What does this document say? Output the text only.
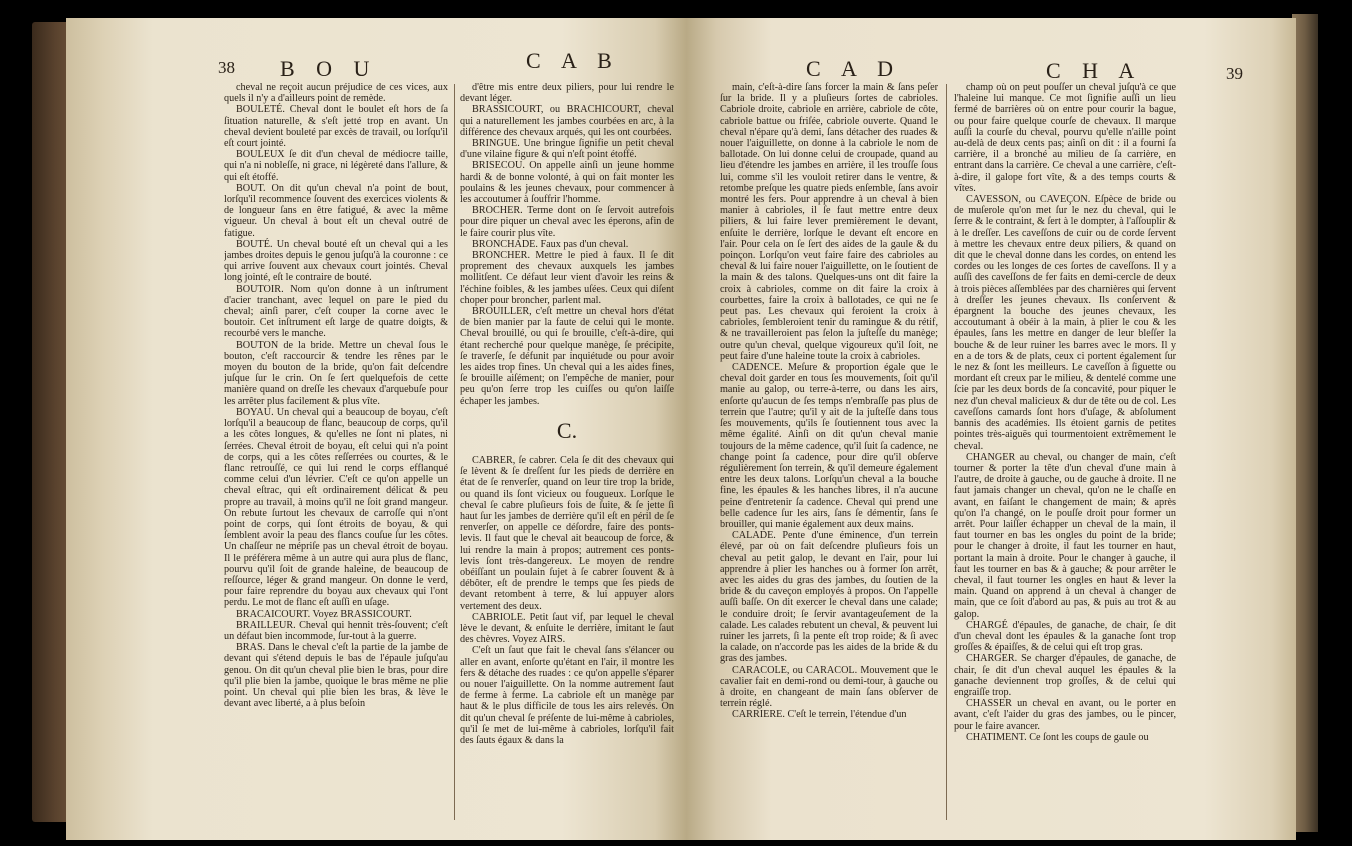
38 B O U	C A B

cheval ne reçoit aucun préjudice de ces vices, aux quels il n'y a d'ailleurs point de remède.

BOULETÉ. Cheval dont le boulet eſt hors de ſa ſituation naturelle, & s'eſt jetté trop en avant. Un cheval devient bouleté par excès de travail, ou lorſqu'il eſt court jointé.

BOULEUX ſe dit d'un cheval de médiocre taille, qui n'a ni nobleſſe, ni grace, ni légèreté dans l'allure, & qui eſt étoffé.

BOUT. On dit qu'un cheval n'a point de bout, lorſqu'il recommence ſouvent des exercices violents & de longueur ſans en être fatigué, & avec la même vigueur. Un cheval à bout eſt un cheval outré de fatigue.

BOUTÉ. Un cheval bouté eſt un cheval qui a les jambes droites depuis le genou juſqu'à la couronne : ce qui arrive ſouvent aux chevaux court jointés. Cheval long jointé, eſt le contraire de bouté.

BOUTOIR. Nom qu'on donne à un inſtrument d'acier tranchant, avec lequel on pare le pied du cheval; ainſi parer, c'eſt couper la corne avec le boutoir. Cet inſtrument eſt large de quatre doigts, & recourbé vers le manche.

BOUTON de la bride. Mettre un cheval ſous le bouton, c'eſt raccourcir & tendre les rênes par le moyen du bouton de la bride, qu'on fait deſcendre juſque ſur le crin. On ſe ſert quelquefois de cette manière quand on dreſſe les chevaux d'arquebuſe pour les arrêter plus facilement & plus vîte.

BOYAU. Un cheval qui a beaucoup de boyau, c'eſt lorſqu'il a beaucoup de flanc, beaucoup de corps, qu'il a les côtes longues, & qu'elles ne ſont ni plates, ni ſerrées. Cheval étroit de boyau, eſt celui qui n'a point de corps, qui a les côtes reſſerrées ou courtes, & le flanc retrouſſé, ce qui lui rend le corps efflanqué comme celui d'un lévrier. C'eſt ce qu'on appelle un cheval eſtrac, qui eſt ordinairement délicat & peu propre au travail, à moins qu'il ne ſoit grand mangeur. On rebute ſurtout les chevaux de carroſſe qui n'ont point de corps, qui ſont étroits de boyau, & qui ſemblent avoir la peau des flancs couſue ſur les côtes. Un chaſſeur ne mépriſe pas un cheval étroit de boyau. Il le préférera même à un autre qui aura plus de flanc, pourvu qu'il ſoit de grande haleine, de beaucoup de reſſource, léger & grand mangeur. On donne le verd, pour faire reprendre du boyau aux chevaux qui l'ont perdu. Le mot de flanc eſt auſſi en uſage.

BRACAICOURT. Voyez BRASSICOURT.

BRAILLEUR. Cheval qui hennit très-ſouvent; c'eſt un défaut bien incommode, ſur-tout à la guerre.

BRAS. Dans le cheval c'eſt la partie de la jambe de devant qui s'étend depuis le bas de l'épaule juſqu'au genou. On dit qu'un cheval plie bien le bras, pour dire qu'il plie bien la jambe, quoique le bras même ne plie point. Un cheval qui plie bien les bras, & lève le devant avec liberté, a à plus beſoin

d'être mis entre deux piliers, pour lui rendre le devant léger.

BRASSICOURT, ou BRACHICOURT, cheval qui a naturellement les jambes courbées en arc, à la différence des chevaux arqués, qui les ont courbées.

BRINGUE. Une bringue ſignifie un petit cheval d'une vilaine figure & qui n'eſt point étoffé.

BRISECOU. On appelle ainſi un jeune homme hardi & de bonne volonté, à qui on fait monter les poulains & les jeunes chevaux, pour commencer à les accoutumer à ſouffrir l'homme.

BROCHER. Terme dont on ſe ſervoit autrefois pour dire piquer un cheval avec les éperons, afin de le faire courir plus vîte.

BRONCHADE. Faux pas d'un cheval.

BRONCHER. Mettre le pied à faux. Il ſe dit proprement des chevaux auxquels les jambes mollitſent. Ce défaut leur vient d'avoir les reins & l'échine foibles, & les jambes uſées. Ceux qui diſent choper pour broncher, parlent mal.

BROUILLER, c'eſt mettre un cheval hors d'état de bien manier par la faute de celui qui le monte. Cheval brouillé, ou qui ſe brouille, c'eſt-à-dire, qui étant recherché pour quelque manège, ſe précipite, ſe traverſe, ſe défunit par inquiétude ou pour avoir les aides trop fines. Un cheval qui a les aides fines, ſe brouille aiſément; on l'empêche de manier, pour peu qu'on ſerre trop les cuiſſes ou qu'on laiſſe échaper les jambes.

C.

CABRER, ſe cabrer. Cela ſe dit des chevaux qui ſe lèvent & ſe dreſſent ſur les pieds de derrière en état de ſe renverſer, quand on leur tire trop la bride, ou quand ils ſont vicieux ou fougueux. Lorſque le cheval ſe cabre pluſieurs fois de ſuite, & ſe jette ſi haut ſur les jambes de derrière qu'il eſt en péril de ſe renverſer, on appelle ce déſordre, faire des ponts-levis. Il faut que le cheval ait beaucoup de force, & lui rendre la main à propos; autrement ces ponts-levis ſont très-dangereux. Le moyen de rendre obéiſſant un poulain ſujet à ſe cabrer ſouvent & à débôter, eſt de prendre le temps que ſes pieds de devant retombent à terre, & lui appuyer alors vertement des deux.

CABRIOLE. Petit ſaut vif, par lequel le cheval lève le devant, & enſuite le derrière, imitant le ſaut des chèvres. Voyez AIRS.

C'eſt un ſaut que fait le cheval ſans s'élancer ou aller en avant, enſorte qu'étant en l'air, il montre les fers & détache des ruades : ce qu'on appelle s'éparer ou nouer l'aiguillette. On la nomme autrement ſaut de ferme à ferme. La cabriole eſt un manège par haut & le plus difficile de tous les airs relevés. On dit qu'un cheval ſe préſente de lui-même à cabrioles, qu'il ſe met de lui-même à cabrioles, lorſqu'il fait des ſauts égaux & dans la

C A D	C H A	39

main, c'eſt-à-dire ſans forcer la main & ſans peſer ſur la bride. Il y a pluſieurs ſortes de cabrioles. Cabriole droite, cabriole en arrière, cabriole de côte, cabriole battue ou friſée, cabriole ouverte. Quand le cheval n'épare qu'à demi, ſans détacher des ruades & nouer l'aiguillette, on donne à la cabriole le nom de ballotade. On lui donne celui de croupade, quand au lieu d'étendre les jambes en arrière, il les trouſſe ſous lui, comme s'il les vouloit retirer dans le ventre, & retombe preſque les quatre pieds enſemble, ſans avoir montré les fers. Pour apprendre à un cheval à bien manier à cabrioles, il ſe faut mettre entre deux piliers, & lui faire lever premièrement le devant, enſuite le derrière, lorſque le devant eſt encore en l'air. Pour cela on ſe ſert des aides de la gaule & du poinçon. Lorſqu'on veut faire faire des cabrioles au cheval & lui faire nouer l'aiguillette, on le ſoutient de la main & des talons. Quelques-uns ont dit faire la croix à cabrioles, comme on dit faire la croix à courbettes, faire la croix à ballotades, ce qui ne ſe peut pas. Les chevaux qui feroient la croix à cabrioles, ſembleroient tenir du ramingue & du rétif, & ne travailleroient pas ſelon la juſteſſe du manège; outre qu'un cheval, quelque vigoureux qu'il ſoit, ne peut faire d'une haleine toute la croix à cabrioles.

CADENCE. Meſure & proportion égale que le cheval doit garder en tous ſes mouvements, ſoit qu'il manie au galop, ou terre-à-terre, ou dans les airs, enſorte qu'aucun de ſes temps n'embraſſe pas plus de terrein que l'autre; qu'il y ait de la juſteſſe dans tous ſes mouvements, qu'ils ſe ſoutiennent tous avec la même égalité. Ainſi on dit qu'un cheval manie toujours de la même cadence, qu'il ſuit ſa cadence, ne change point ſa cadence, pour dire qu'il obſerve régulièrement ſon terrein, & qu'il demeure également entre les deux talons. Lorſqu'un cheval a la bouche fine, les épaules & les hanches libres, il n'a aucune peine d'entretenir ſa cadence. Cheval qui prend une belle cadence ſur les airs, ſans ſe démentir, ſans ſe brouiller, qui manie également aux deux mains.

CALADE. Pente d'une éminence, d'un terrein élevé, par où on fait deſcendre pluſieurs fois un cheval au petit galop, le devant en l'air, pour lui apprendre à plier les hanches ou à former ſon arrêt, avec les aides du gras des jambes, du ſoutien de la bride & du caveçon employés à propos. On l'appelle auſſi baſſe. On dit exercer le cheval dans une calade; le conduire droit; ſe ſervir avantageuſement de la calade. Les calades rebutent un cheval, & peuvent lui ruiner les jarrets, ſi la pente eſt trop roide; & ſi avec la calade, on n'accorde pas les aides de la bride & du gras des jambes.

CARACOLE, ou CARACOL. Mouvement que le cavalier fait en demi-rond ou demi-tour, à gauche ou à droite, en changeant de main ſans obſerver de terrein réglé.

CARRIERE. C'eſt le terrein, l'étendue d'un

champ où on peut pouſſer un cheval juſqu'à ce que l'haleine lui manque. Ce mot ſignifie auſſi un lieu fermé de barrières où on entre pour courir la bague, ou pour faire quelque courſe de chevaux. Il marque auſſi la courſe du cheval, pourvu qu'elle n'aille point au-delà de deux cents pas; ainſi on dit : il a fourni ſa carrière, il a bronché au milieu de ſa carrière, en entrant dans la carrière. Ce cheval a une carrière, c'eſt-à-dire, il galope fort vîte, & a des temps courts & vîtes.

CAVESSON, ou CAVEÇON. Eſpèce de bride ou de muſerole qu'on met ſur le nez du cheval, qui le ſerre & le contraint, & ſert à le dompter, à l'aſſouplir & à le dreſſer. Les caveſſons de cuir ou de corde ſervent à mettre les chevaux entre deux piliers, & quand on dit que le cheval donne dans les cordes, on entend les cordes ou les longes de ces ſortes de caveſſons. Il y a auſſi des caveſſons de fer faits en demi-cercle de deux à trois pièces aſſemblées par des charnières qui ſervent à dreſſer les jeunes chevaux. Ils conſervent & épargnent la bouche des jeunes chevaux, les accoutumant à obéir à la main, à plier le cou & les épaules, ſans les mettre en danger de leur bleſſer la bouche & de leur ruiner les barres avec le mors. Il y en a de tors & de plats, ceux ci portent également ſur le nez & ſont les meilleurs. Le caveſſon à ſiguette ou mordant eſt creux par le milieu, & dentelé comme une ſcie par les deux bords de ſa concavité, pour piquer le nez d'un cheval malicieux & dur de tête ou de col. Les caveſſons camards ſont hors d'uſage, & abſolument bannis des académies. Ils étoient garnis de petites pointes très-aiguës qui tourmentoient extrêmement le cheval.

CHANGER au cheval, ou changer de main, c'eſt tourner & porter la tête d'un cheval d'une main à l'autre, de droite à gauche, ou de gauche à droite. Il ne faut jamais changer un cheval, qu'on ne le chaſſe en avant, en faiſant le changement de main; & après qu'on l'a changé, on le pouſſe droit pour former un arrêt. Pour laiſſer échapper un cheval de la main, il faut tourner en bas les ongles du point de la bride; pour le changer à droite, il faut les tourner en haut, portant la main à droite. Pour le changer à gauche, il faut les tourner en bas & à gauche; & pour arrêter le cheval, il faut tourner les ongles en haut & lever la main. Quand on apprend à un cheval à changer de main, que ce ſoit d'abord au pas, & puis au trot & au galop.

CHARGÉ d'épaules, de ganache, de chair, ſe dit d'un cheval dont les épaules & la ganache ſont trop groſſes & épaiſſes, & de celui qui eſt trop gras.

CHARGER. Se charger d'épaules, de ganache, de chair, ſe dit d'un cheval auquel les épaules & la ganache deviennent trop groſſes, & de celui qui engraiſſe trop.

CHASSER un cheval en avant, ou le porter en avant, c'eſt l'aider du gras des jambes, ou le pincer, pour le faire avancer.

CHATIMENT. Ce ſont les coups de gaule ou
